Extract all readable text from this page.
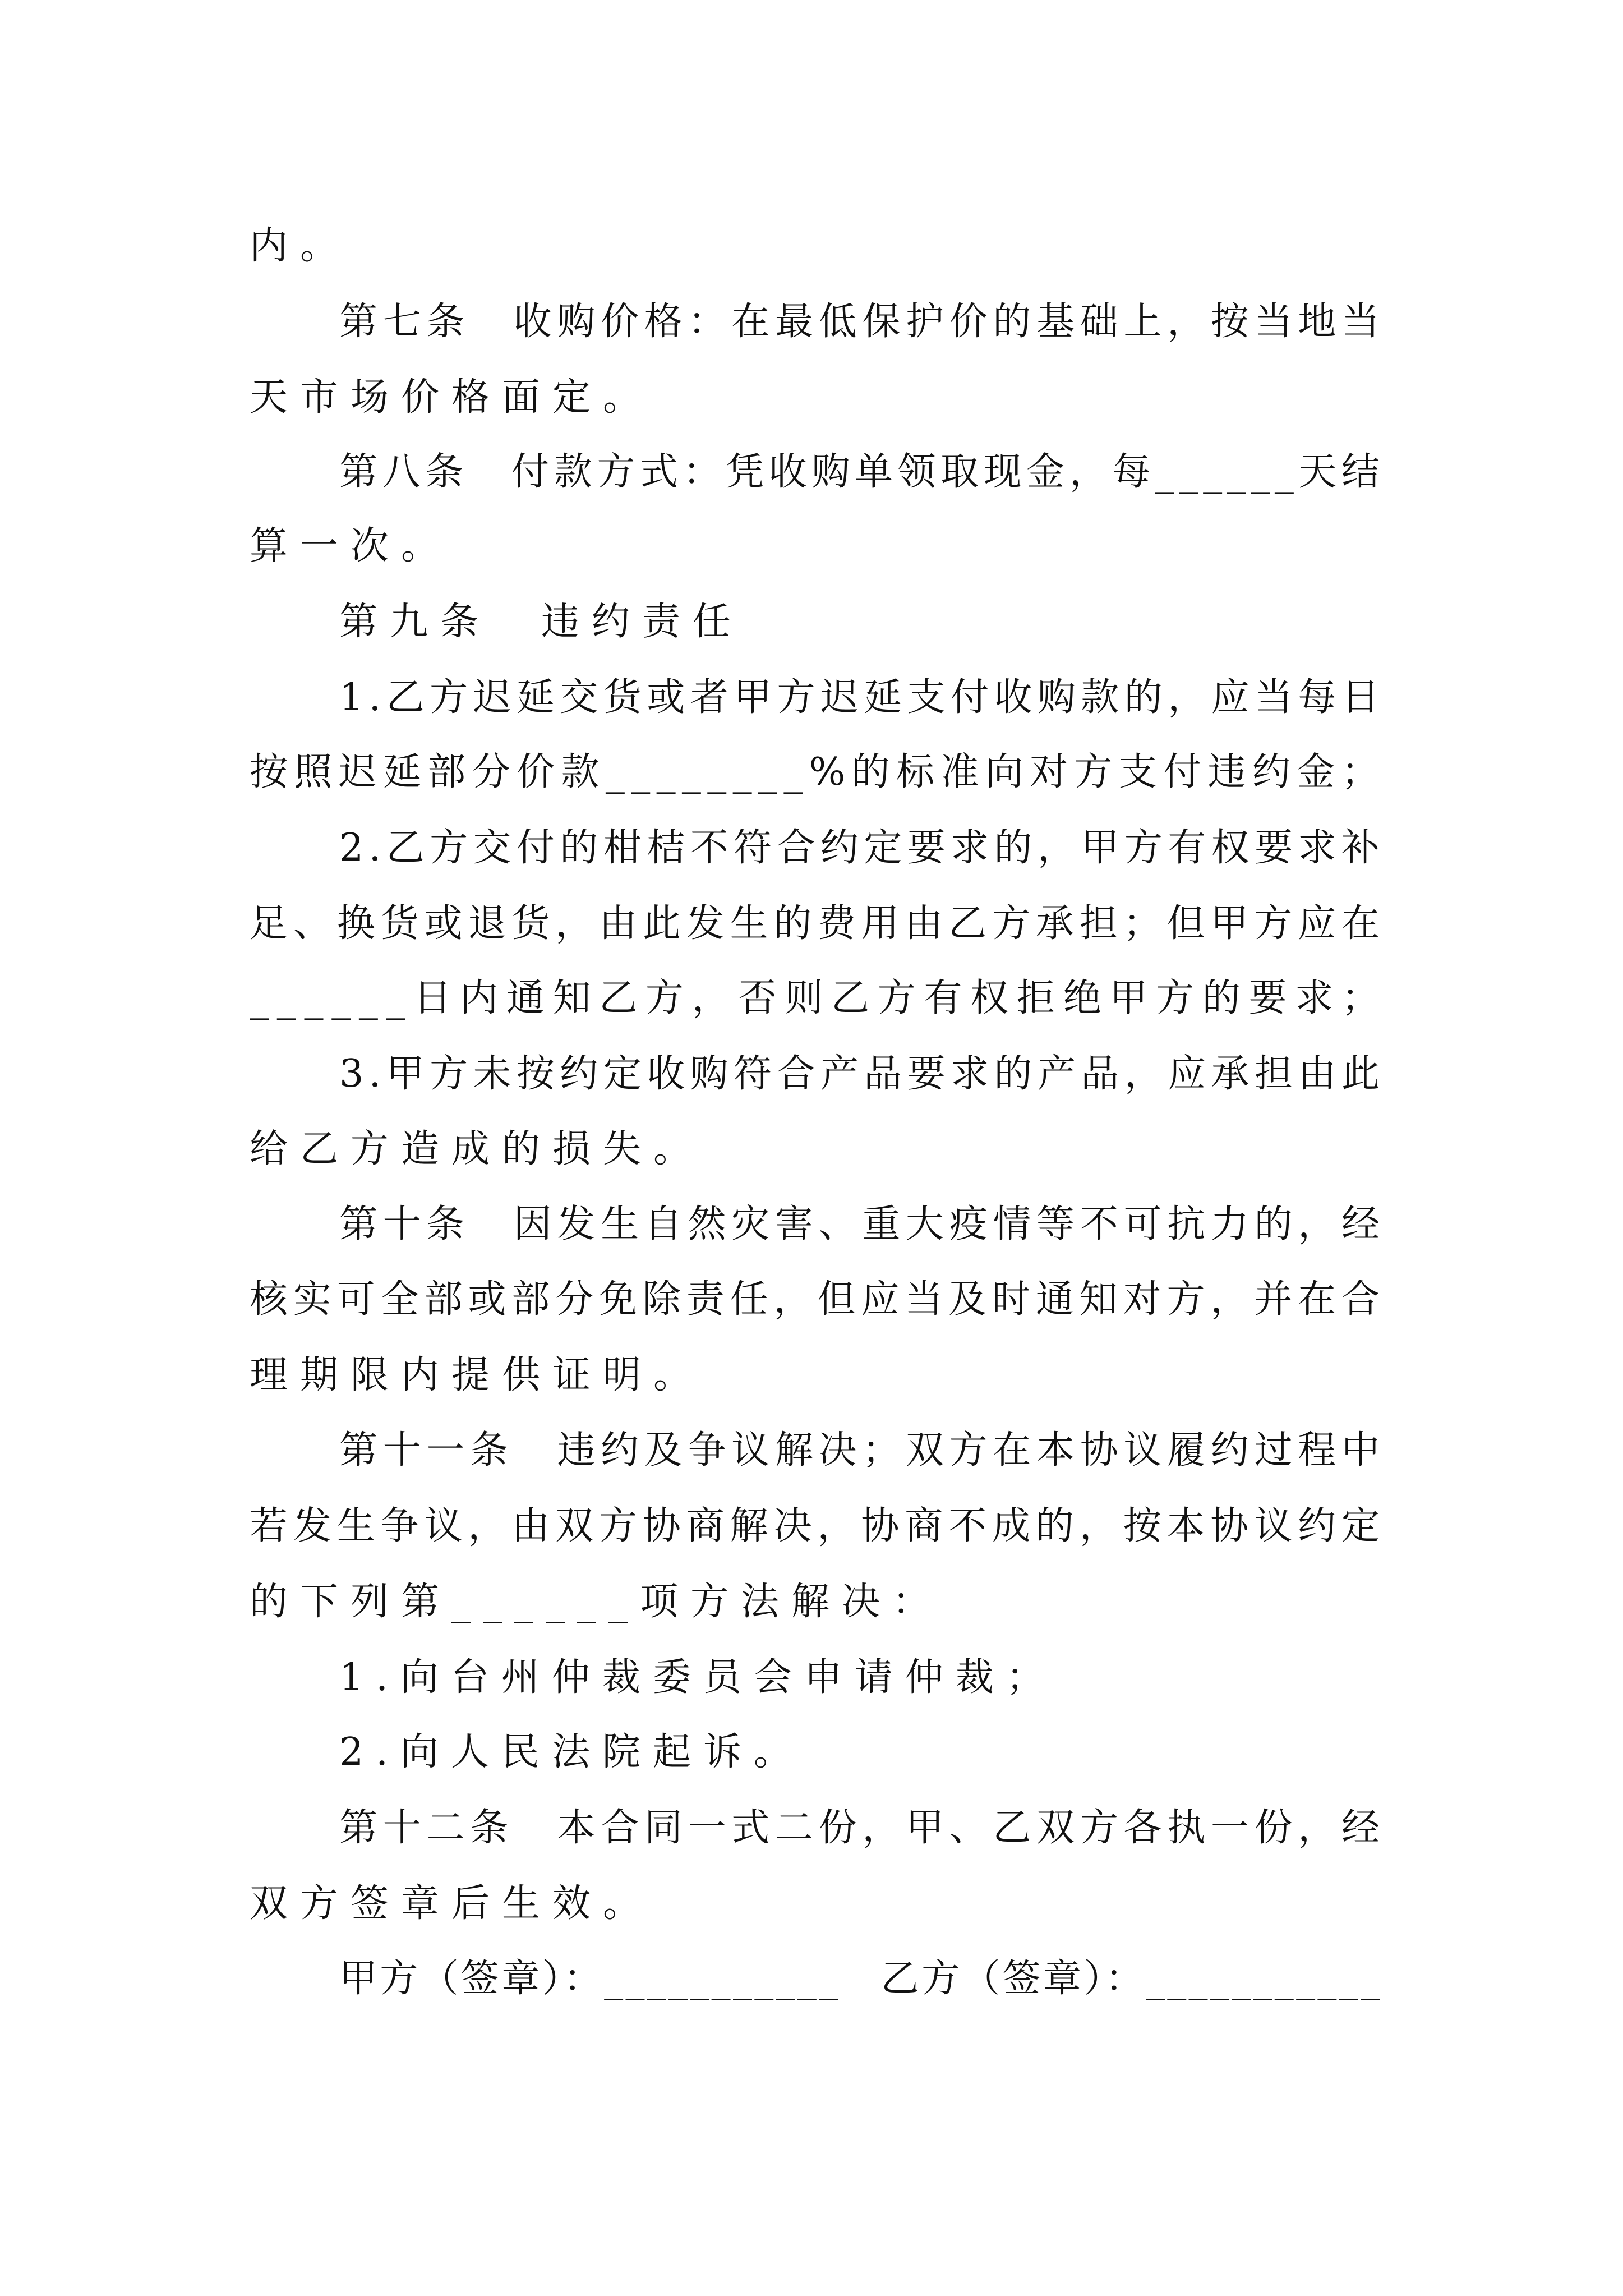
内。
第七条　收购价格：在最低保护价的基础上，按当地当
天市场价格面定。
第八条　付款方式：凭收购单领取现金，每______天结
算一次。
第九条　违约责任
1.乙方迟延交货或者甲方迟延支付收购款的，应当每日
按照迟延部分价款________%的标准向对方支付违约金；
2.乙方交付的柑桔不符合约定要求的，甲方有权要求补
足、换货或退货，由此发生的费用由乙方承担；但甲方应在
______日内通知乙方，否则乙方有权拒绝甲方的要求；
3.甲方未按约定收购符合产品要求的产品，应承担由此
给乙方造成的损失。
第十条　因发生自然灾害、重大疫情等不可抗力的，经
核实可全部或部分免除责任，但应当及时通知对方，并在合
理期限内提供证明。
第十一条　违约及争议解决；双方在本协议履约过程中
若发生争议，由双方协商解决，协商不成的，按本协议约定
的下列第______项方法解决：
1.向台州仲裁委员会申请仲裁；
2.向人民法院起诉。
第十二条　本合同一式二份，甲、乙双方各执一份，经
双方签章后生效。
甲方（签章）：___________　乙方（签章）：___________
